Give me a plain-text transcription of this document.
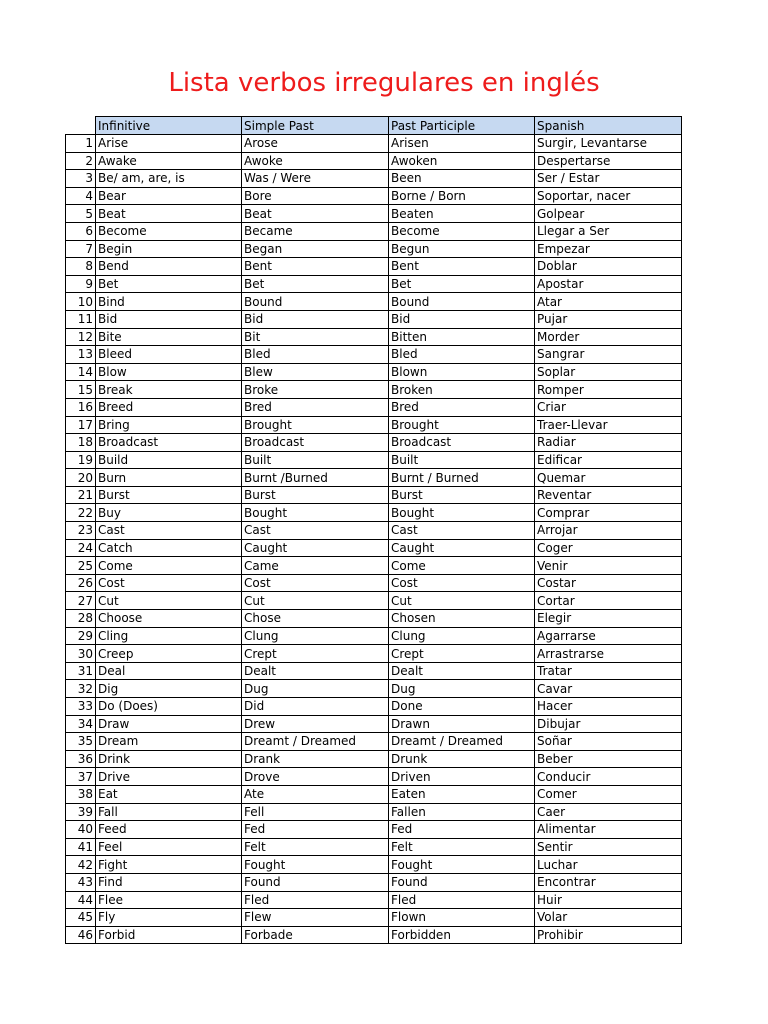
Lista verbos irregulares en inglés
	Infinitive	Simple Past	Past Participle	Spanish
1	Arise	Arose	Arisen	Surgir, Levantarse
2	Awake	Awoke	Awoken	Despertarse
3	Be/ am, are, is	Was / Were	Been	Ser / Estar
4	Bear	Bore	Borne / Born	Soportar, nacer
5	Beat	Beat	Beaten	Golpear
6	Become	Became	Become	Llegar a Ser
7	Begin	Began	Begun	Empezar
8	Bend	Bent	Bent	Doblar
9	Bet	Bet	Bet	Apostar
10	Bind	Bound	Bound	Atar
11	Bid	Bid	Bid	Pujar
12	Bite	Bit	Bitten	Morder
13	Bleed	Bled	Bled	Sangrar
14	Blow	Blew	Blown	Soplar
15	Break	Broke	Broken	Romper
16	Breed	Bred	Bred	Criar
17	Bring	Brought	Brought	Traer-Llevar
18	Broadcast	Broadcast	Broadcast	Radiar
19	Build	Built	Built	Edificar
20	Burn	Burnt /Burned	Burnt / Burned	Quemar
21	Burst	Burst	Burst	Reventar
22	Buy	Bought	Bought	Comprar
23	Cast	Cast	Cast	Arrojar
24	Catch	Caught	Caught	Coger
25	Come	Came	Come	Venir
26	Cost	Cost	Cost	Costar
27	Cut	Cut	Cut	Cortar
28	Choose	Chose	Chosen	Elegir
29	Cling	Clung	Clung	Agarrarse
30	Creep	Crept	Crept	Arrastrarse
31	Deal	Dealt	Dealt	Tratar
32	Dig	Dug	Dug	Cavar
33	Do (Does)	Did	Done	Hacer
34	Draw	Drew	Drawn	Dibujar
35	Dream	Dreamt / Dreamed	Dreamt / Dreamed	Soñar
36	Drink	Drank	Drunk	Beber
37	Drive	Drove	Driven	Conducir
38	Eat	Ate	Eaten	Comer
39	Fall	Fell	Fallen	Caer
40	Feed	Fed	Fed	Alimentar
41	Feel	Felt	Felt	Sentir
42	Fight	Fought	Fought	Luchar
43	Find	Found	Found	Encontrar
44	Flee	Fled	Fled	Huir
45	Fly	Flew	Flown	Volar
46	Forbid	Forbade	Forbidden	Prohibir
